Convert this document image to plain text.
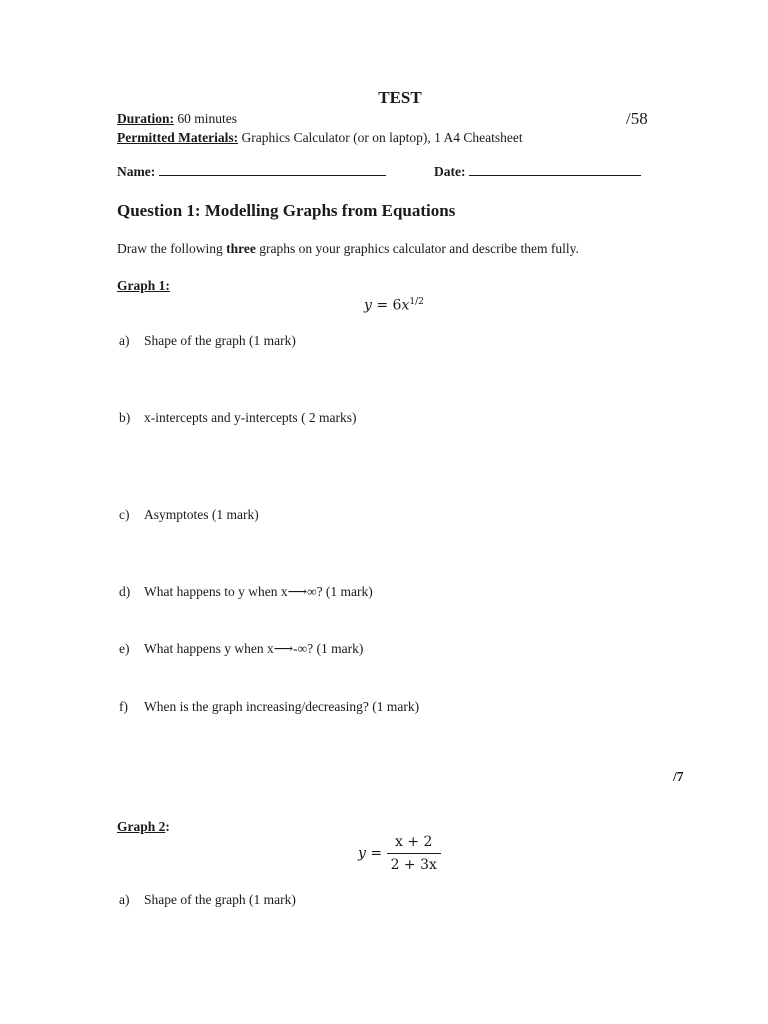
TEST
Duration: 60 minutes	/58
Permitted Materials: Graphics Calculator (or on laptop), 1 A4 Cheatsheet
Name:	Date:
Question 1: Modelling Graphs from Equations
Draw the following three graphs on your graphics calculator and describe them fully.
Graph 1:
$y = 6x^{1/2}$
a) Shape of the graph (1 mark)
b) x-intercepts and y-intercepts ( 2 marks)
c) Asymptotes (1 mark)
d) What happens to y when x⟶∞? (1 mark)
e) What happens y when x⟶-∞? (1 mark)
f) When is the graph increasing/decreasing? (1 mark)
/7
Graph 2:
$y = \frac{x + 2}{2 + 3x}$
a) Shape of the graph (1 mark)
